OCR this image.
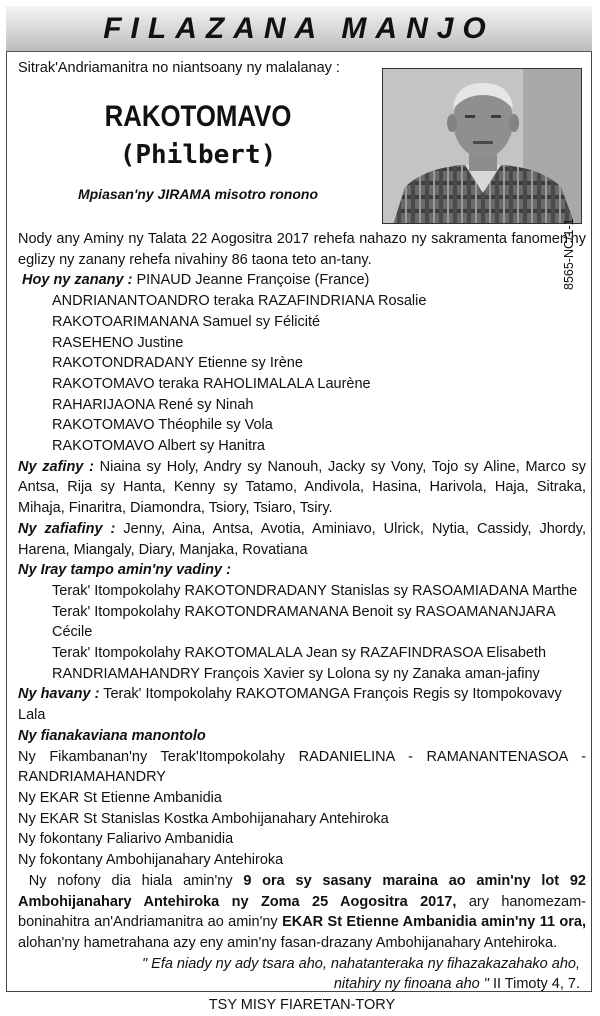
FILAZANA MANJO
Sitrak'Andriamanitra no niantsoany ny malalanay :
RAKOTOMAVO
(Philbert)
Mpiasan'ny JIRAMA misotro ronono
8565-NC/1-1

Nody any Aminy ny Talata 22 Aogositra 2017 rehefa nahazo ny sakramenta fanomen'ny eglizy ny zanany rehefa nivahiny 86 taona teto an-tany.

Hoy ny zanany : PINAUD Jeanne Françoise (France)

ANDRIANANTOANDRO teraka RAZAFINDRIANA Rosalie

RAKOTOARIMANANA Samuel sy Félicité

RASEHENO Justine

RAKOTONDRADANY Etienne sy Irène

RAKOTOMAVO teraka RAHOLIMALALA Laurène

RAHARIJAONA René sy Ninah

RAKOTOMAVO Théophile sy Vola

RAKOTOMAVO Albert sy Hanitra

Ny zafiny : Niaina sy Holy, Andry sy Nanouh, Jacky sy Vony, Tojo sy Aline, Marco sy Antsa, Rija sy Hanta, Kenny sy Tatamo, Andivola, Hasina, Harivola, Haja, Sitraka, Mihaja, Finaritra, Diamondra, Tsiory, Tsiaro, Tsiry.

Ny zafiafiny : Jenny, Aina, Antsa, Avotia, Aminiavo, Ulrick, Nytia, Cassidy, Jhordy, Harena, Miangaly, Diary, Manjaka, Rovatiana

Ny Iray tampo amin'ny vadiny :

Terak' Itompokolahy RAKOTONDRADANY Stanislas sy RASOAMIADANA Marthe

Terak' Itompokolahy RAKOTONDRAMANANA Benoit sy RASOAMANANJARA Cécile

Terak' Itompokolahy RAKOTOMALALA Jean sy RAZAFINDRASOA Elisabeth

RANDRIAMAHANDRY François Xavier sy Lolona sy ny Zanaka aman-jafiny

Ny havany : Terak' Itompokolahy RAKOTOMANGA François Regis sy Itompokovavy Lala

Ny fianakaviana manontolo

Ny Fikambanan'ny Terak'Itompokolahy RADANIELINA - RAMANANTENASOA - RANDRIAMAHANDRY

Ny EKAR St Etienne Ambanidia

Ny EKAR St Stanislas Kostka Ambohijanahary Antehiroka

Ny fokontany Faliarivo Ambanidia

Ny fokontany Ambohijanahary Antehiroka

Ny nofony dia hiala amin'ny 9 ora sy sasany maraina ao amin'ny lot 92 Ambohijanahary Antehiroka ny Zoma 25 Aogositra 2017, ary hanomezam-boninahitra an'Andriamanitra ao amin'ny EKAR St Etienne Ambanidia amin'ny 11 ora, alohan'ny hametrahana azy eny amin'ny fasan-drazany Ambohijanahary Antehiroka.

" Efa niady ny ady tsara aho, nahatanteraka ny fihazakazahako aho,

nitahiry ny finoana aho " II Timoty 4, 7.

TSY MISY FIARETAN-TORY
